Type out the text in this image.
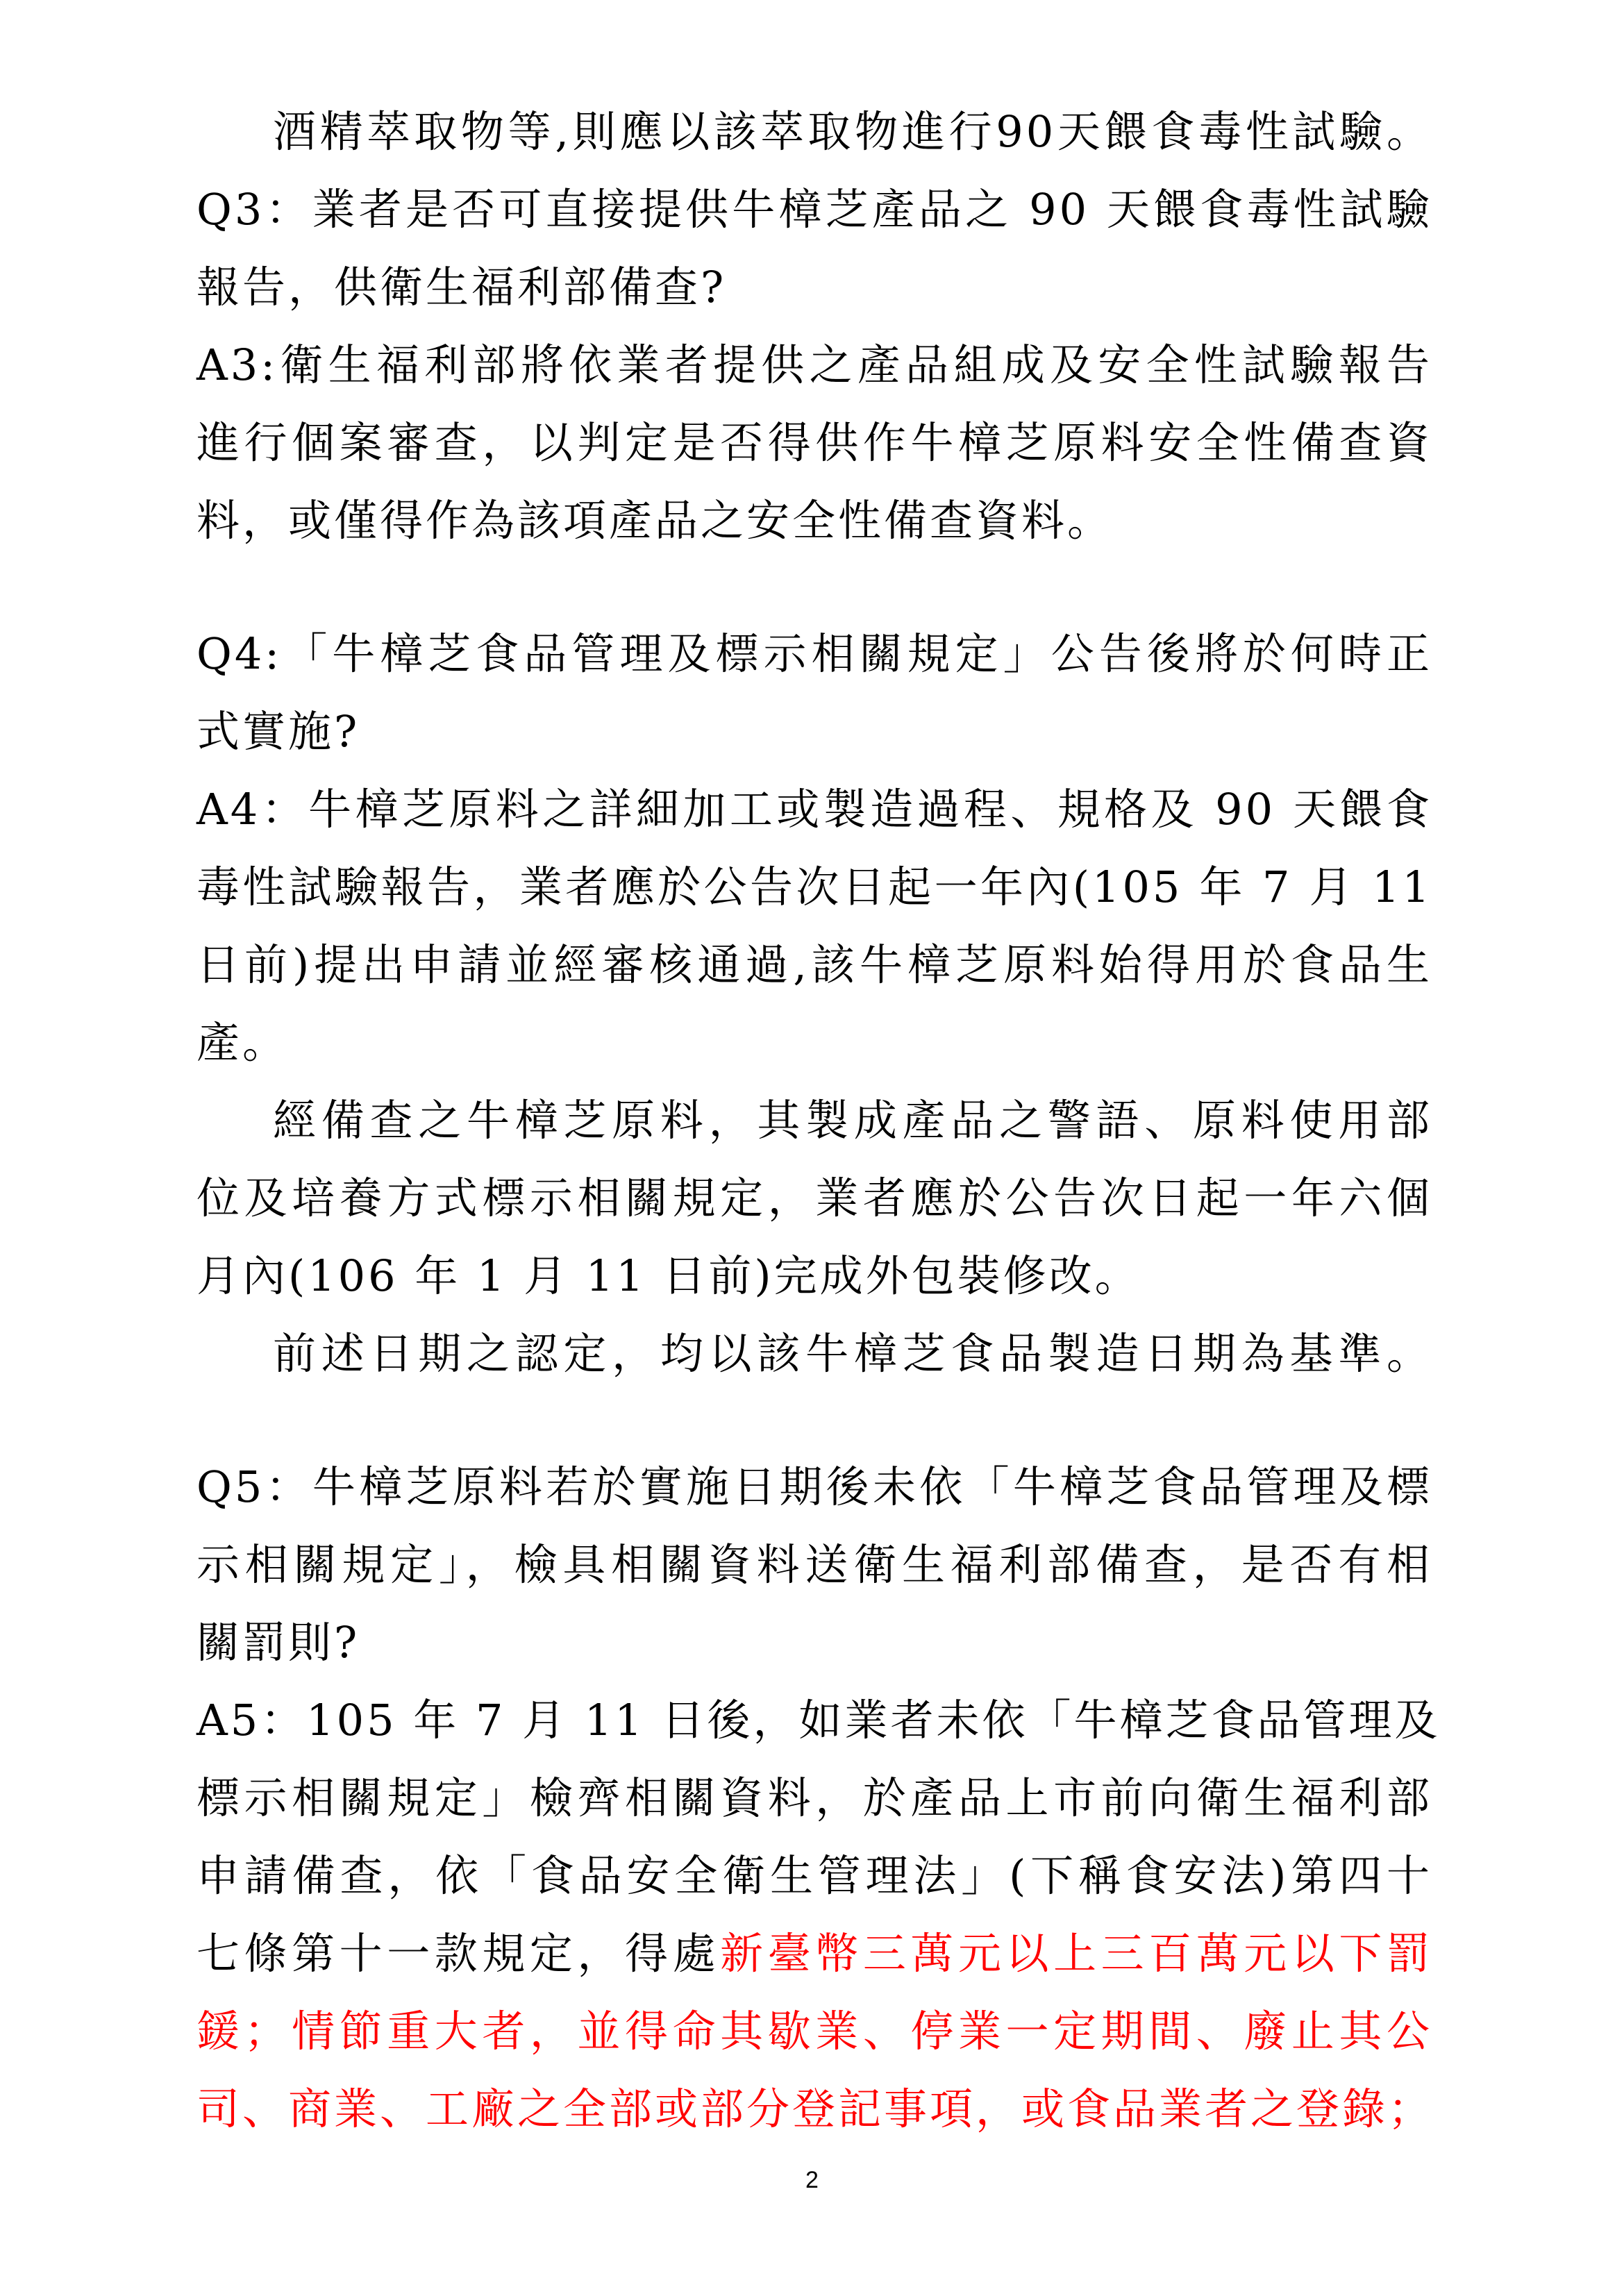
酒精萃取物等,則應以該萃取物進行90天餵食毒性試驗。
Q3：業者是否可直接提供牛樟芝產品之 90 天餵食毒性試驗
報告，供衛生福利部備查?
A3:衛生福利部將依業者提供之產品組成及安全性試驗報告
進行個案審查，以判定是否得供作牛樟芝原料安全性備查資
料，或僅得作為該項產品之安全性備查資料。
Q4:「牛樟芝食品管理及標示相關規定」公告後將於何時正
式實施?
A4：牛樟芝原料之詳細加工或製造過程、規格及 90 天餵食
毒性試驗報告，業者應於公告次日起一年內(105 年 7 月 11
日前)提出申請並經審核通過,該牛樟芝原料始得用於食品生
產。
經備查之牛樟芝原料，其製成產品之警語、原料使用部
位及培養方式標示相關規定，業者應於公告次日起一年六個
月內(106 年 1 月 11 日前)完成外包裝修改。
前述日期之認定，均以該牛樟芝食品製造日期為基準。
Q5：牛樟芝原料若於實施日期後未依「牛樟芝食品管理及標
示相關規定」，檢具相關資料送衛生福利部備查，是否有相
關罰則?
A5：105 年 7 月 11 日後，如業者未依「牛樟芝食品管理及
標示相關規定」檢齊相關資料，於產品上市前向衛生福利部
申請備查，依「食品安全衛生管理法」(下稱食安法)第四十
七條第十一款規定，得處新臺幣三萬元以上三百萬元以下罰
鍰；情節重大者，並得命其歇業、停業一定期間、廢止其公
司、商業、工廠之全部或部分登記事項，或食品業者之登錄；
2
